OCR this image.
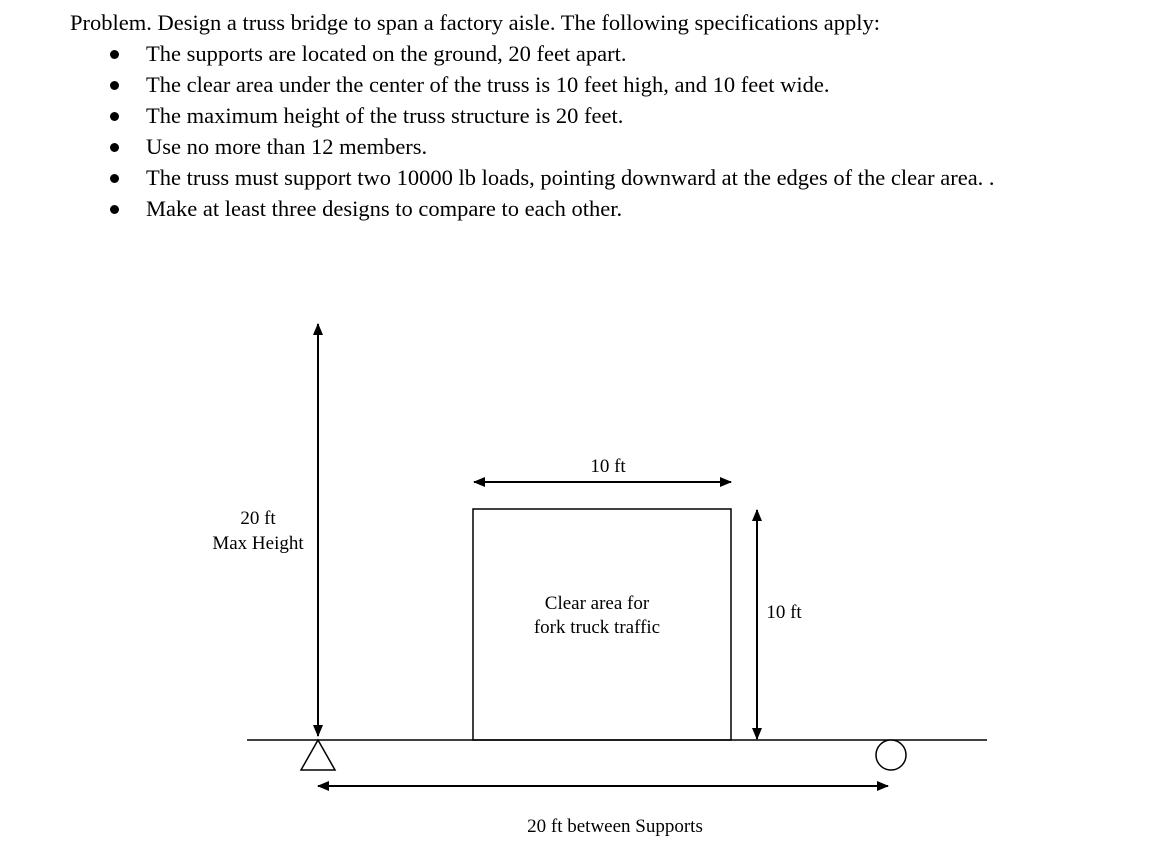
Problem. Design a truss bridge to span a factory aisle. The following specifications apply:
The supports are located on the ground, 20 feet apart.
The clear area under the center of the truss is 10 feet high, and 10 feet wide.
The maximum height of the truss structure is 20 feet.
Use no more than 12 members.
The truss must support two 10000 lb loads, pointing downward at the edges of the clear area. .
Make at least three designs to compare to each other.
20 ft
Max Height
10 ft
10 ft
Clear area for
fork truck traffic
20 ft between Supports
